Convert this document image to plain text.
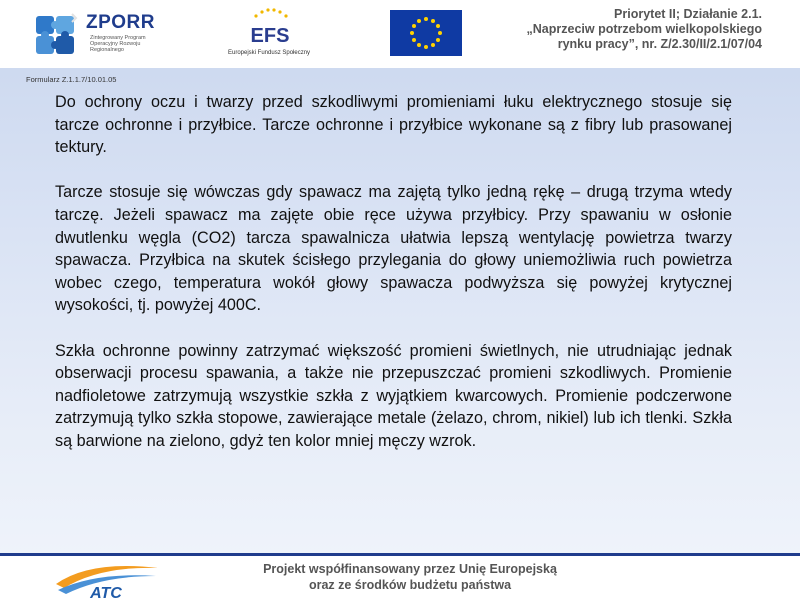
ZPORR
Zintegrowany Program Operacyjny Rozwoju Regionalnego
EFS
Europejski Fundusz Społeczny
Priorytet II; Działanie 2.1.
„Naprzeciw potrzebom wielkopolskiego
rynku pracy”, nr. Z/2.30/II/2.1/07/04
Formularz Z.1.1.7/10.01.05

Do ochrony oczu i twarzy przed szkodliwymi promieniami łuku elektrycznego stosuje się tarcze ochronne i przyłbice. Tarcze ochronne i przyłbice wykonane są z fibry lub prasowanej tektury.

Tarcze stosuje się wówczas gdy spawacz ma zajętą tylko jedną rękę – drugą trzyma wtedy tarczę. Jeżeli spawacz ma zajęte obie ręce używa przyłbicy. Przy spawaniu w osłonie dwutlenku węgla (CO2) tarcza spawalnicza ułatwia lepszą wentylację powietrza twarzy spawacza. Przyłbica na skutek ścisłego przylegania do głowy uniemożliwia ruch powietrza wobec czego, temperatura wokół głowy spawacza podwyższa się powyżej krytycznej wysokości, tj. powyżej 400C.

Szkła ochronne powinny zatrzymać większość promieni świetlnych, nie utrudniając jednak obserwacji procesu spawania, a także nie przepuszczać promieni szkodliwych. Promienie nadfioletowe zatrzymują wszystkie szkła z wyjątkiem kwarcowych. Promienie podczerwone zatrzymują tylko szkła stopowe, zawierające metale (żelazo, chrom, nikiel) lub ich tlenki. Szkła są barwione na zielono, gdyż ten kolor mniej męczy wzrok.

ATC
Projekt współfinansowany przez Unię Europejską
oraz ze środków budżetu państwa
